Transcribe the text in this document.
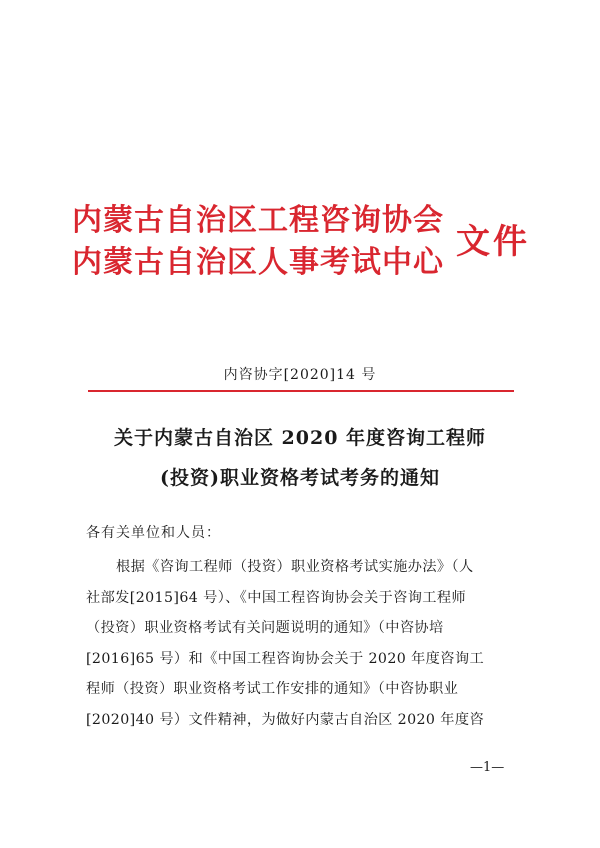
内蒙古自治区工程咨询协会
内蒙古自治区人事考试中心
文件
内咨协字[2020]14 号
关于内蒙古自治区 2020 年度咨询工程师
(投资)职业资格考试考务的通知
各有关单位和人员：
根据《咨询工程师（投资）职业资格考试实施办法》（人
社部发[2015]64 号）、《中国工程咨询协会关于咨询工程师
（投资）职业资格考试有关问题说明的通知》（中咨协培
[2016]65 号）和《中国工程咨询协会关于 2020 年度咨询工
程师（投资）职业资格考试工作安排的通知》（中咨协职业
[2020]40 号）文件精神，为做好内蒙古自治区 2020 年度咨
—1—
